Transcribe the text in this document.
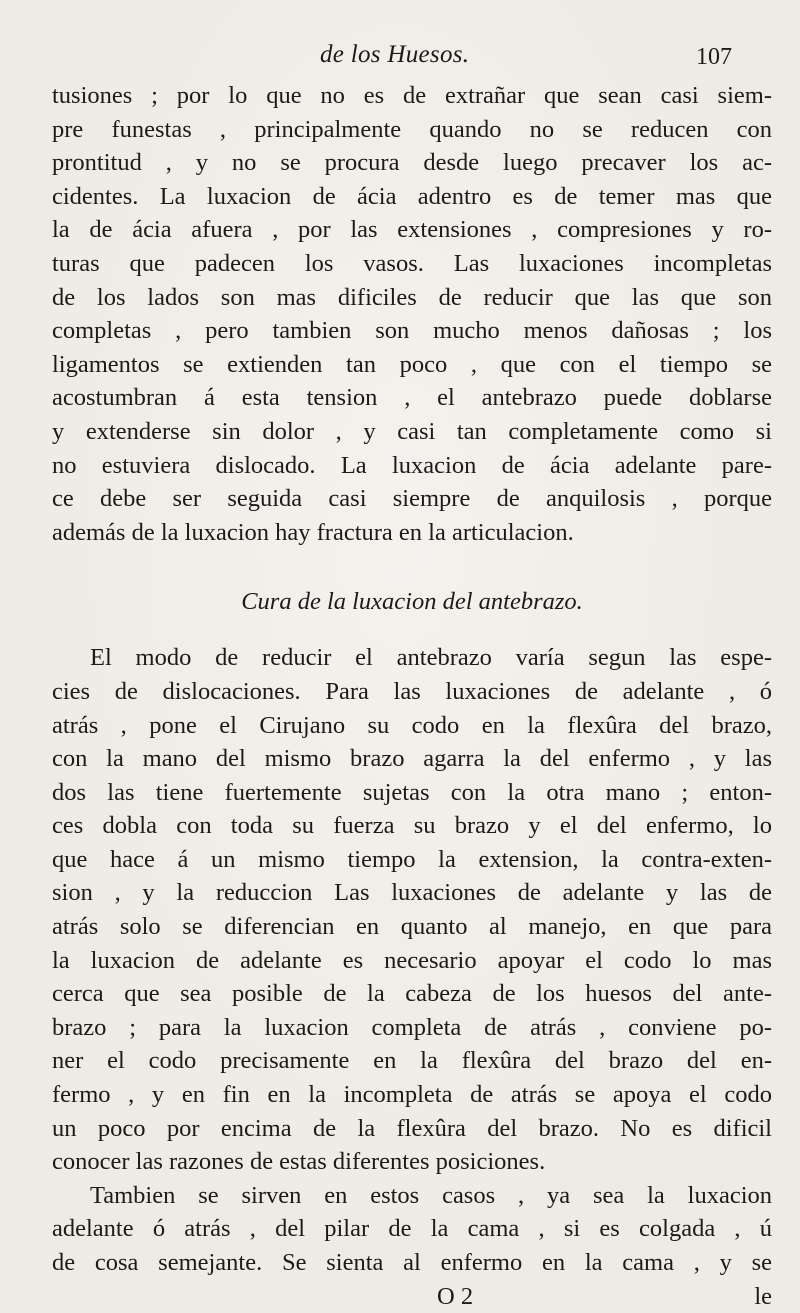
de los Huesos.	107
tusiones ; por lo que no es de extrañar que sean casi siem-
pre funestas , principalmente quando no se reducen con
prontitud , y no se procura desde luego precaver los ac-
cidentes. La luxacion de ácia adentro es de temer mas que
la de ácia afuera , por las extensiones , compresiones y ro-
turas que padecen los vasos. Las luxaciones incompletas
de los lados son mas dificiles de reducir que las que son
completas , pero tambien son mucho menos dañosas ; los
ligamentos se extienden tan poco , que con el tiempo se
acostumbran á esta tension , el antebrazo puede doblarse
y extenderse sin dolor , y casi tan completamente como si
no estuviera dislocado. La luxacion de ácia adelante pare-
ce debe ser seguida casi siempre de anquilosis , porque
además de la luxacion hay fractura en la articulacion.
Cura de la luxacion del antebrazo.
El modo de reducir el antebrazo varía segun las espe-
cies de dislocaciones. Para las luxaciones de adelante , ó
atrás , pone el Cirujano su codo en la flexûra del brazo,
con la mano del mismo brazo agarra la del enfermo , y las
dos las tiene fuertemente sujetas con la otra mano ; enton-
ces dobla con toda su fuerza su brazo y el del enfermo, lo
que hace á un mismo tiempo la extension, la contra-exten-
sion , y la reduccion Las luxaciones de adelante y las de
atrás solo se diferencian en quanto al manejo, en que para
la luxacion de adelante es necesario apoyar el codo lo mas
cerca que sea posible de la cabeza de los huesos del ante-
brazo ; para la luxacion completa de atrás , conviene po-
ner el codo precisamente en la flexûra del brazo del en-
fermo , y en fin en la incompleta de atrás se apoya el codo
un poco por encima de la flexûra del brazo. No es dificil
conocer las razones de estas diferentes posiciones.
Tambien se sirven en estos casos , ya sea la luxacion
adelante ó atrás , del pilar de la cama , si es colgada , ú
de cosa semejante. Se sienta al enfermo en la cama , y se
O 2	le
